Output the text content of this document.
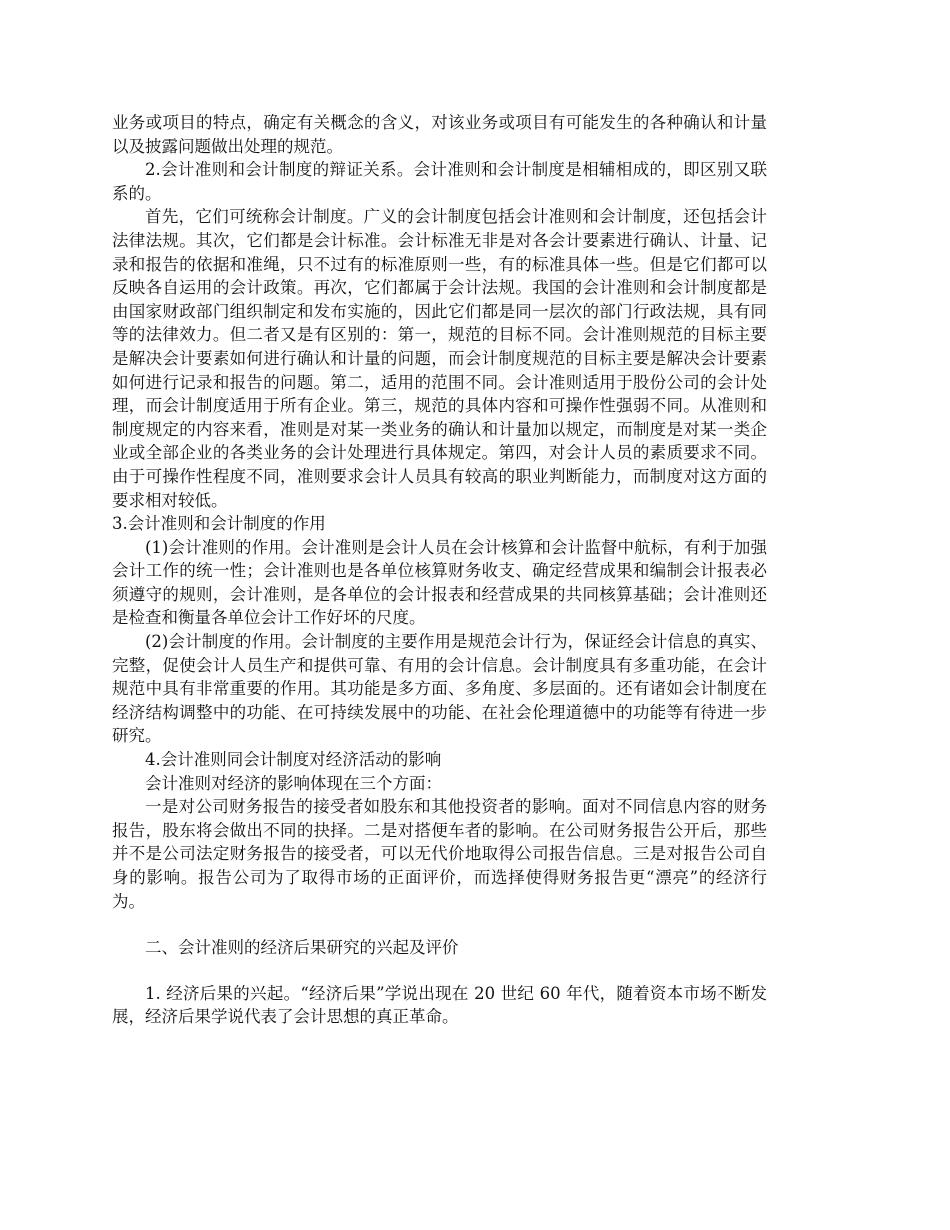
业务或项目的特点，确定有关概念的含义，对该业务或项目有可能发生的各种确认和计量以及披露问题做出处理的规范。

2.会计准则和会计制度的辩证关系。会计准则和会计制度是相辅相成的，即区别又联系的。

首先，它们可统称会计制度。广义的会计制度包括会计准则和会计制度，还包括会计法律法规。其次，它们都是会计标准。会计标准无非是对各会计要素进行确认、计量、记录和报告的依据和准绳，只不过有的标准原则一些，有的标准具体一些。但是它们都可以反映各自运用的会计政策。再次，它们都属于会计法规。我国的会计准则和会计制度都是由国家财政部门组织制定和发布实施的，因此它们都是同一层次的部门行政法规，具有同等的法律效力。但二者又是有区别的：第一，规范的目标不同。会计准则规范的目标主要是解决会计要素如何进行确认和计量的问题，而会计制度规范的目标主要是解决会计要素如何进行记录和报告的问题。第二，适用的范围不同。会计准则适用于股份公司的会计处理，而会计制度适用于所有企业。第三，规范的具体内容和可操作性强弱不同。从准则和制度规定的内容来看，准则是对某一类业务的确认和计量加以规定，而制度是对某一类企业或全部企业的各类业务的会计处理进行具体规定。第四，对会计人员的素质要求不同。由于可操作性程度不同，准则要求会计人员具有较高的职业判断能力，而制度对这方面的要求相对较低。

3.会计准则和会计制度的作用

(1)会计准则的作用。会计准则是会计人员在会计核算和会计监督中航标，有利于加强会计工作的统一性；会计准则也是各单位核算财务收支、确定经营成果和编制会计报表必须遵守的规则，会计准则，是各单位的会计报表和经营成果的共同核算基础；会计准则还是检查和衡量各单位会计工作好坏的尺度。

(2)会计制度的作用。会计制度的主要作用是规范会计行为，保证经会计信息的真实、完整，促使会计人员生产和提供可靠、有用的会计信息。会计制度具有多重功能，在会计规范中具有非常重要的作用。其功能是多方面、多角度、多层面的。还有诸如会计制度在经济结构调整中的功能、在可持续发展中的功能、在社会伦理道德中的功能等有待进一步研究。

4.会计准则同会计制度对经济活动的影响

会计准则对经济的影响体现在三个方面：

一是对公司财务报告的接受者如股东和其他投资者的影响。面对不同信息内容的财务报告，股东将会做出不同的抉择。二是对搭便车者的影响。在公司财务报告公开后，那些并不是公司法定财务报告的接受者，可以无代价地取得公司报告信息。三是对报告公司自身的影响。报告公司为了取得市场的正面评价，而选择使得财务报告更“漂亮”的经济行为。

二、会计准则的经济后果研究的兴起及评价

1. 经济后果的兴起。“经济后果”学说出现在 20 世纪 60 年代，随着资本市场不断发展，经济后果学说代表了会计思想的真正革命。
